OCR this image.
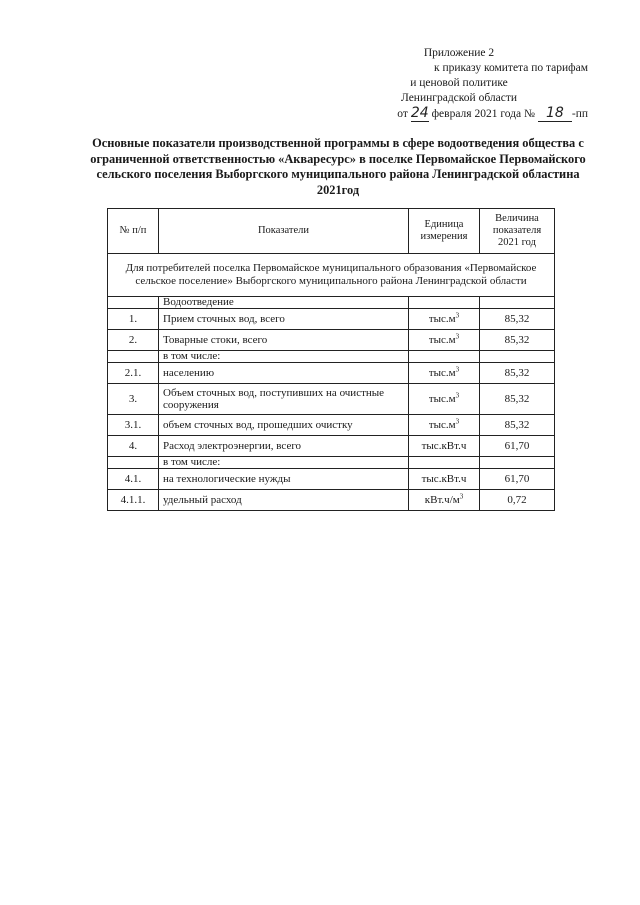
Приложение 2
к приказу комитета по тарифам
и ценовой политике
Ленинградской области
от 24 февраля 2021 года № 18 -пп
Основные показатели производственной программы в сфере водоотведения общества с ограниченной ответственностью «Акваресурс» в поселке Первомайское Первомайского сельского поселения Выборгского муниципального района Ленинградской областина 2021год
№ п/п	Показатели	Единица измерения	Величина показателя 2021 год
Для потребителей поселка Первомайское муниципального образования «Первомайское сельское поселение» Выборгского муниципального района Ленинградской области			
	Водоотведение		
1.	Прием сточных вод, всего	$тыс.м^3$	85,32
2.	Товарные стоки, всего	$тыс.м^3$	85,32
	в том числе:		
2.1.	населению	$тыс.м^3$	85,32
3.	Объем сточных вод, поступивших на очистные сооружения	$тыс.м^3$	85,32
3.1.	объем сточных вод, прошедших очистку	$тыс.м^3$	85,32
4.	Расход электроэнергии, всего	тыс.кВт.ч	61,70
	в том числе:		
4.1.	на технологические нужды	тыс.кВт.ч	61,70
4.1.1.	удельный расход	$кВт.ч/м^3$	0,72
